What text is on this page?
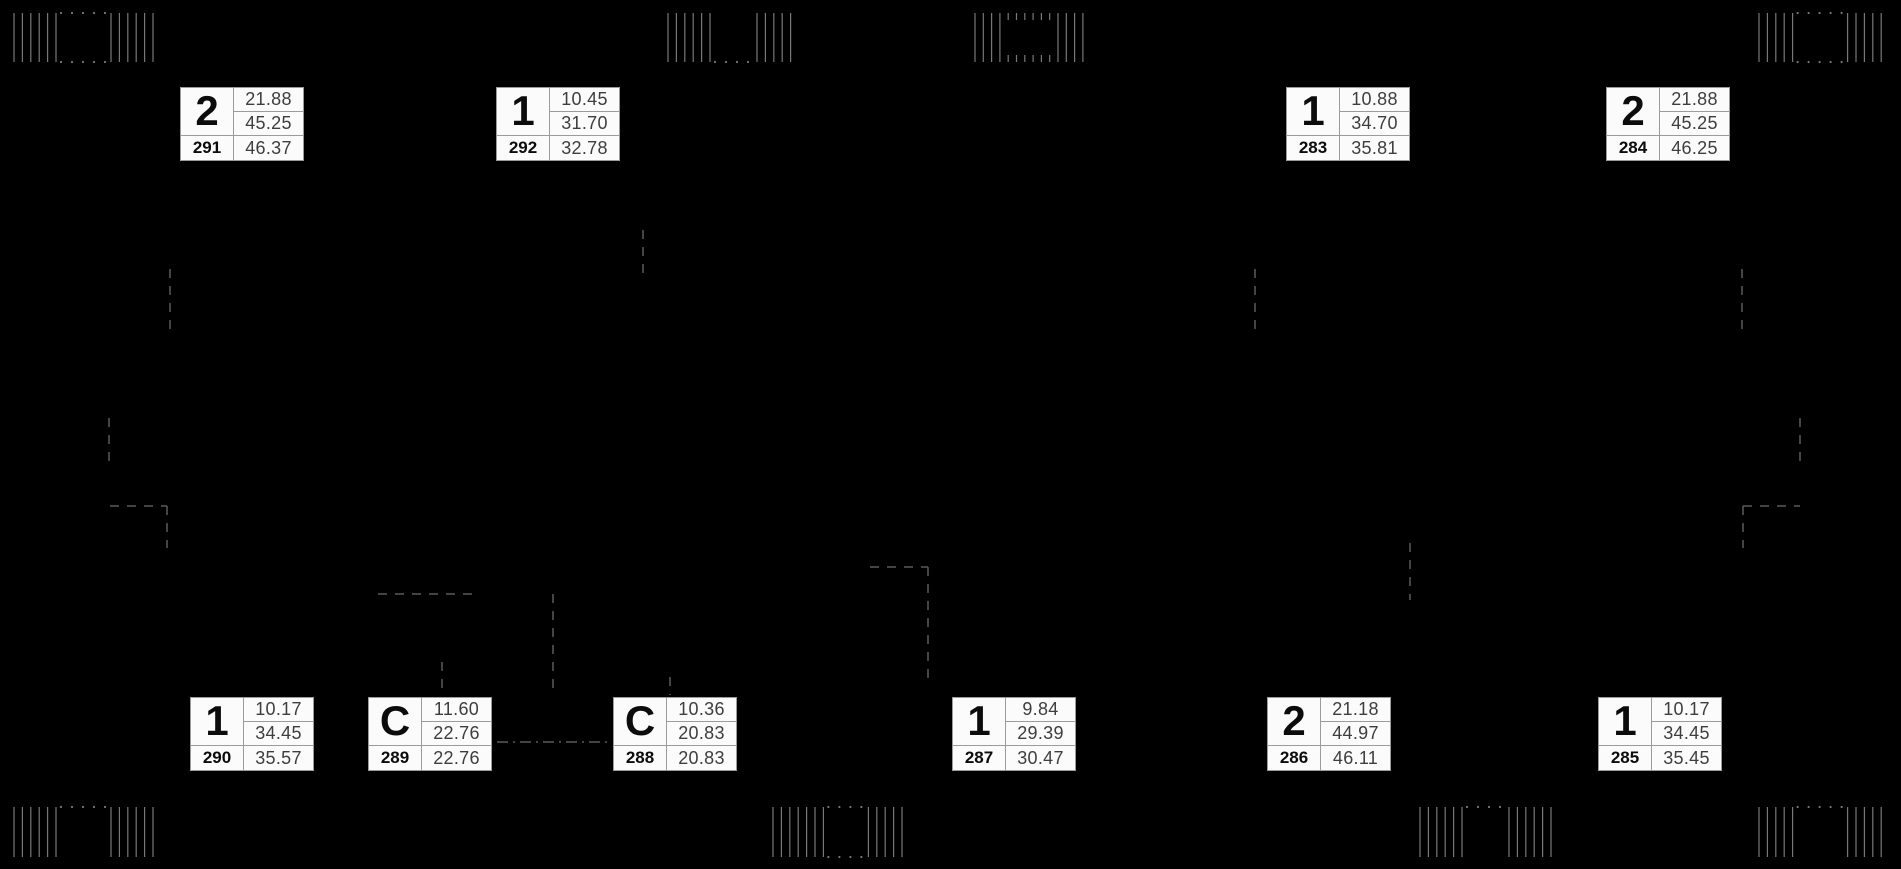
2	21.88
45.25
291	46.37
1	10.45
31.70
292	32.78
1	10.88
34.70
283	35.81
2	21.88
45.25
284	46.25
1	10.17
34.45
290	35.57
C	11.60
22.76
289	22.76
C	10.36
20.83
288	20.83
1	9.84
29.39
287	30.47
2	21.18
44.97
286	46.11
1	10.17
34.45
285	35.45
